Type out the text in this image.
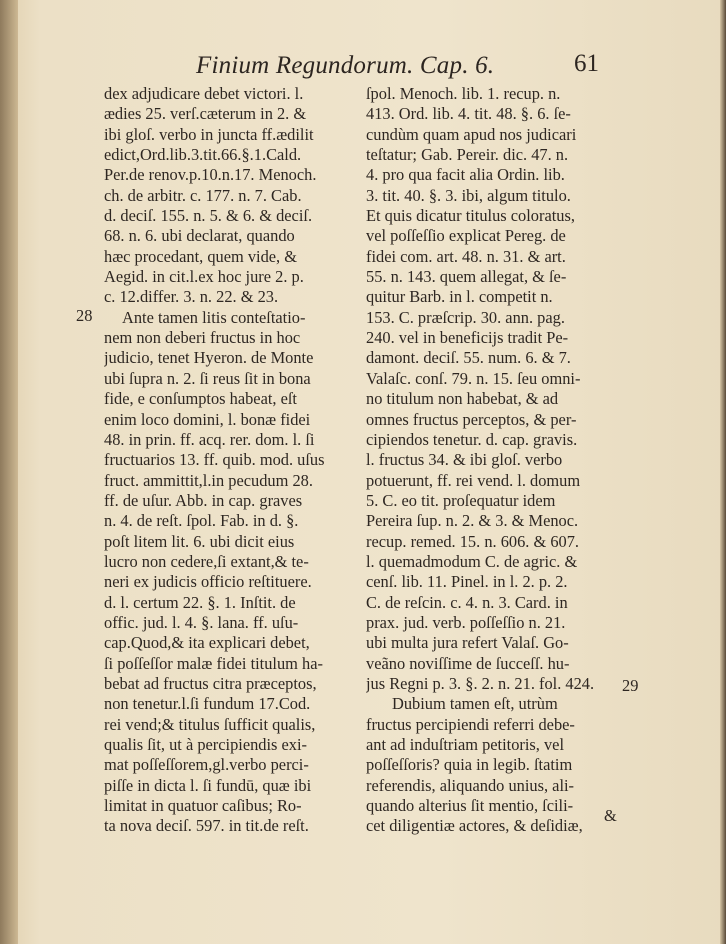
Finium Regundorum. Cap. 6.	61
28
29
dex adjudicare debet victori. l.
ædies 25. verſ.cæterum in 2. &
ibi gloſ. verbo in juncta ff.ædilit
edict,Ord.lib.3.tit.66.§.1.Cald.
Per.de renov.p.10.n.17. Menoch.
ch. de arbitr. c. 177. n. 7. Cab.
d. deciſ. 155. n. 5. & 6. & deciſ.
68. n. 6. ubi declarat, quando
hæc procedant, quem vide, &
Aegid. in cit.l.ex hoc jure 2. p.
c. 12.differ. 3. n. 22. & 23.
Ante tamen litis conteſtatio-
nem non deberi fructus in hoc
judicio, tenet Hyeron. de Monte
ubi ſupra n. 2. ſi reus ſit in bona
fide, e conſumptos habeat, eſt
enim loco domini, l. bonæ fidei
48. in prin. ff. acq. rer. dom. l. ſi
fructuarios 13. ff. quib. mod. uſus
fruct. ammittit,l.in pecudum 28.
ff. de uſur. Abb. in cap. graves
n. 4. de reſt. ſpol. Fab. in d. §.
poſt litem lit. 6. ubi dicit eius
lucro non cedere,ſi extant,& te-
neri ex judicis officio reſtituere.
d. l. certum 22. §. 1. Inſtit. de
offic. jud. l. 4. §. lana. ff. uſu-
cap.Quod,& ita explicari debet,
ſi poſſeſſor malæ fidei titulum ha-
bebat ad fructus citra præceptos,
non tenetur.l.ſi fundum 17.Cod.
rei vend;& titulus ſufficit qualis,
qualis ſit, ut à percipiendis exi-
mat poſſeſſorem,gl.verbo perci-
piſſe in dicta l. ſi fundū, quæ ibi
limitat in quatuor caſibus; Ro-
ta nova deciſ. 597. in tit.de reſt.
ſpol. Menoch. lib. 1. recup. n.
413. Ord. lib. 4. tit. 48. §. 6. ſe-
cundùm quam apud nos judicari
teſtatur; Gab. Pereir. dic. 47. n.
4. pro qua facit alia Ordin. lib.
3. tit. 40. §. 3. ibi, algum titulo.
Et quis dicatur titulus coloratus,
vel poſſeſſio explicat Pereg. de
fidei com. art. 48. n. 31. & art.
55. n. 143. quem allegat, & ſe-
quitur Barb. in l. competit n.
153. C. præſcrip. 30. ann. pag.
240. vel in beneficijs tradit Pe-
damont. deciſ. 55. num. 6. & 7.
Valaſc. conſ. 79. n. 15. ſeu omni-
no titulum non habebat, & ad
omnes fructus perceptos, & per-
cipiendos tenetur. d. cap. gravis.
l. fructus 34. & ibi gloſ. verbo
potuerunt, ff. rei vend. l. domum
5. C. eo tit. proſequatur idem
Pereira ſup. n. 2. & 3. & Menoc.
recup. remed. 15. n. 606. & 607.
l. quemadmodum C. de agric. &
cenſ. lib. 11. Pinel. in l. 2. p. 2.
C. de reſcin. c. 4. n. 3. Card. in
prax. jud. verb. poſſeſſio n. 21.
ubi multa jura refert Valaſ. Go-
veãno noviſſime de ſucceſſ. hu-
jus Regni p. 3. §. 2. n. 21. fol. 424.
Dubium tamen eſt, utrùm
fructus percipiendi referri debe-
ant ad induſtriam petitoris, vel
poſſeſſoris? quia in legib. ſtatim
referendis, aliquando unius, ali-
quando alterius ſit mentio, ſcili-
cet diligentiæ actores, & deſidiæ,
&
